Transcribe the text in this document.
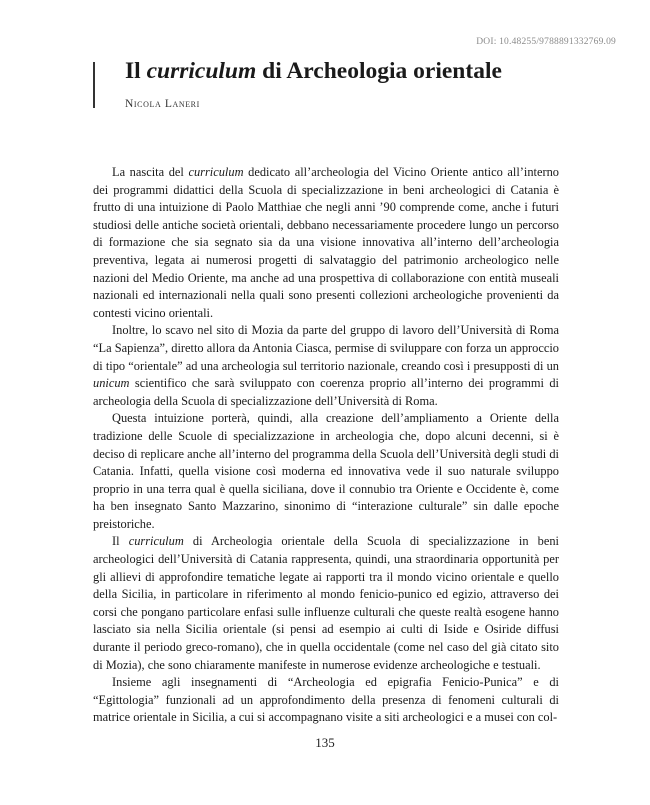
DOI: 10.48255/9788891332769.09
Il curriculum di Archeologia orientale
Nicola Laneri

La nascita del curriculum dedicato all’archeologia del Vicino Oriente antico all’interno dei programmi didattici della Scuola di specializzazione in beni archeologici di Catania è frutto di una intuizione di Paolo Matthiae che negli anni ’90 comprende come, anche i futuri studiosi delle antiche società orientali, debbano necessariamente procedere lungo un percorso di formazione che sia segnato sia da una visione innovativa all’interno dell’archeologia preventiva, legata ai numerosi progetti di salvataggio del patrimonio archeologico nelle nazioni del Medio Oriente, ma anche ad una prospettiva di collaborazione con entità museali nazionali ed internazionali nella quali sono presenti collezioni archeologiche provenienti da contesti vicino orientali.

Inoltre, lo scavo nel sito di Mozia da parte del gruppo di lavoro dell’Università di Roma “La Sapienza”, diretto allora da Antonia Ciasca, permise di sviluppare con forza un approccio di tipo “orientale” ad una archeologia sul territorio nazionale, creando così i presupposti di un unicum scientifico che sarà sviluppato con coerenza proprio all’interno dei programmi di archeologia della Scuola di specializzazione dell’Università di Roma.

Questa intuizione porterà, quindi, alla creazione dell’ampliamento a Oriente della tradizione delle Scuole di specializzazione in archeologia che, dopo alcuni decenni, si è deciso di replicare anche all’interno del programma della Scuola dell’Università degli studi di Catania. Infatti, quella visione così moderna ed innovativa vede il suo naturale sviluppo proprio in una terra qual è quella siciliana, dove il connubio tra Oriente e Occidente è, come ha ben insegnato Santo Mazzarino, sinonimo di “interazione culturale” sin dalle epoche preistoriche.

Il curriculum di Archeologia orientale della Scuola di specializzazione in beni archeologici dell’Università di Catania rappresenta, quindi, una straordinaria opportunità per gli allievi di approfondire tematiche legate ai rapporti tra il mondo vicino orientale e quello della Sicilia, in particolare in riferimento al mondo fenicio-punico ed egizio, attraverso dei corsi che pongano particolare enfasi sulle influenze culturali che queste realtà esogene hanno lasciato sia nella Sicilia orientale (si pensi ad esempio ai culti di Iside e Osiride diffusi durante il periodo greco-romano), che in quella occidentale (come nel caso del già citato sito di Mozia), che sono chiaramente manifeste in numerose evidenze archeologiche e testuali.

Insieme agli insegnamenti di “Archeologia ed epigrafia Fenicio-Punica” e di “Egittologia” funzionali ad un approfondimento della presenza di fenomeni culturali di matrice orientale in Sicilia, a cui si accompagnano visite a siti archeologici e a musei con col-

135
